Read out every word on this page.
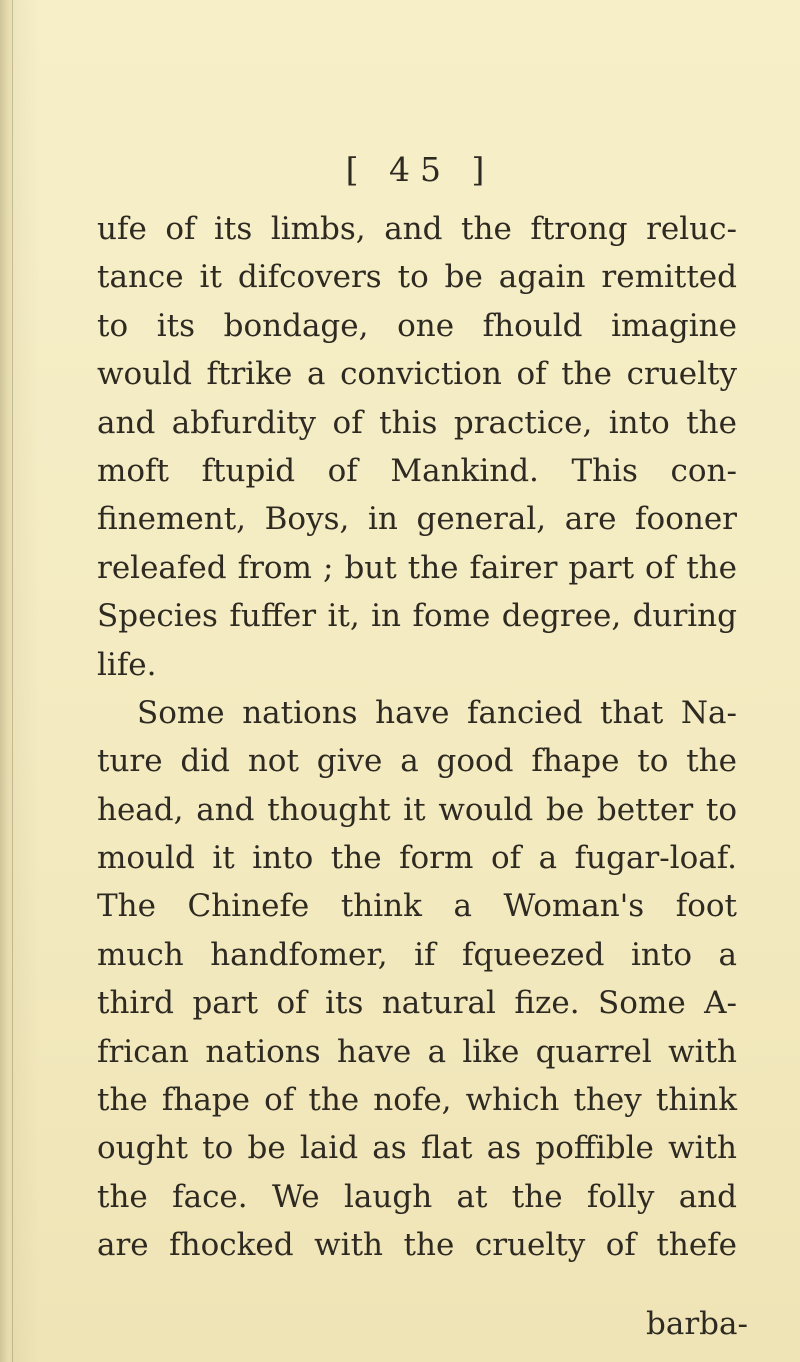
[ 45 ]
ufe of its limbs, and the ftrong reluc-
tance it difcovers to be again remitted
to its bondage, one fhould imagine
would ftrike a conviction of the cruelty
and abfurdity of this practice, into the
moft ftupid of Mankind. This con-
finement, Boys, in general, are fooner
releafed from ; but the fairer part of the
Species fuffer it, in fome degree, during
life.
Some nations have fancied that Na-
ture did not give a good fhape to the
head, and thought it would be better to
mould it into the form of a fugar-loaf.
The Chinefe think a Woman's foot
much handfomer, if fqueezed into a
third part of its natural fize. Some A-
frican nations have a like quarrel with
the fhape of the nofe, which they think
ought to be laid as flat as poffible with
the face. We laugh at the folly and
are fhocked with the cruelty of thefe
barba-
